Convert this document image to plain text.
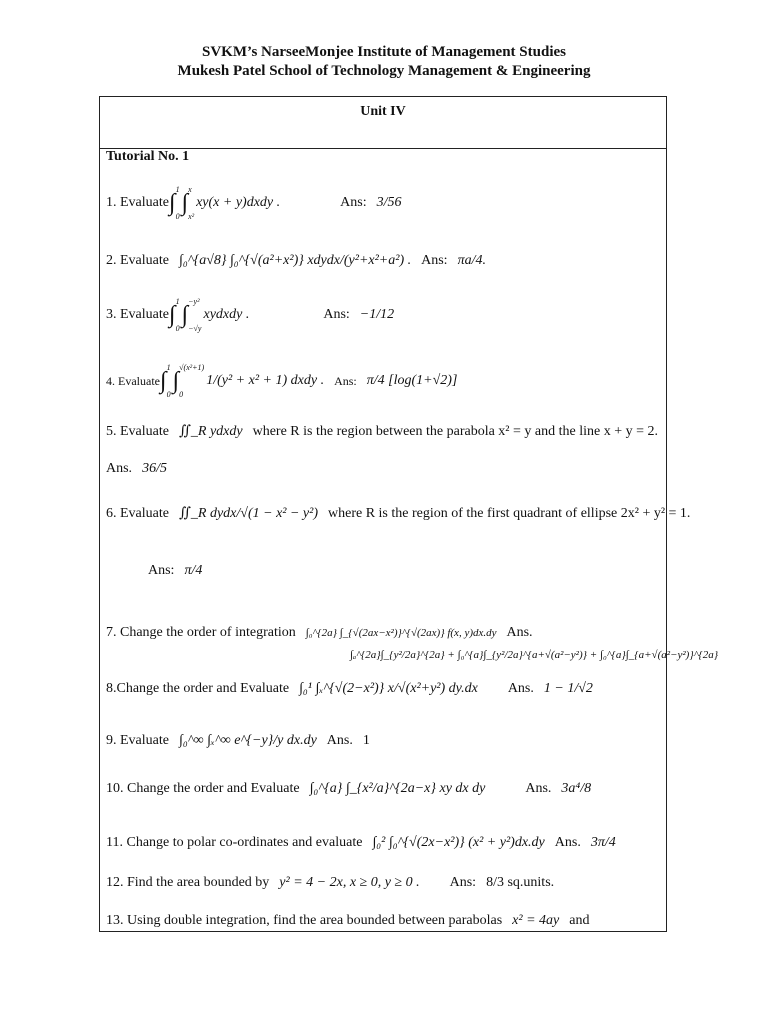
SVKM’s NarseeMonjee Institute of Management Studies
Mukesh Patel School of Technology Management & Engineering
Unit IV
Tutorial No. 1
1. Evaluate ∫
1
0
∫
x
x²
xy(x + y)dxdy .	Ans: 3/56
2. Evaluate ∫₀^{a√8} ∫₀^{√(a²+x²)} xdydx/(y²+x²+a²) . Ans: πa/4.
3. Evaluate ∫
1
0
∫
−y²
−√y
xydxdy .	Ans: −1/12
4. Evaluate ∫
1
0
∫
√(x²+1)
0
1/(y² + x² + 1) dxdy . Ans: π/4 [log(1+√2)]
5. Evaluate ∬_R ydxdy where R is the region between the parabola x² = y and the line x + y = 2.
Ans. 36/5
6. Evaluate ∬_R dydx/√(1 − x² − y²) where R is the region of the first quadrant of ellipse 2x² + y² = 1.
Ans: π/4
7. Change the order of integration ∫₀^{2a} ∫_{√(2ax−x²)}^{√(2ax)} f(x, y)dx.dy Ans.
∫ₐ^{2a}∫_{y²/2a}^{2a} + ∫₀^{a}∫_{y²/2a}^{a+√(a²−y²)} + ∫₀^{a}∫_{a+√(a²−y²)}^{2a}
8.Change the order and Evaluate ∫₀¹ ∫ₓ^{√(2−x²)} x/√(x²+y²) dy.dx Ans. 1 − 1/√2
9. Evaluate ∫₀^∞ ∫ₓ^∞ e^{−y}/y dx.dy Ans. 1
10. Change the order and Evaluate ∫₀^{a} ∫_{x²/a}^{2a−x} xy dx dy	Ans. 3a⁴/8
11. Change to polar co-ordinates and evaluate ∫₀² ∫₀^{√(2x−x²)} (x² + y²)dx.dy Ans. 3π/4
12. Find the area bounded by y² = 4 − 2x, x ≥ 0, y ≥ 0 . Ans: 8/3 sq.units.
13. Using double integration, find the area bounded between parabolas x² = 4ay and
